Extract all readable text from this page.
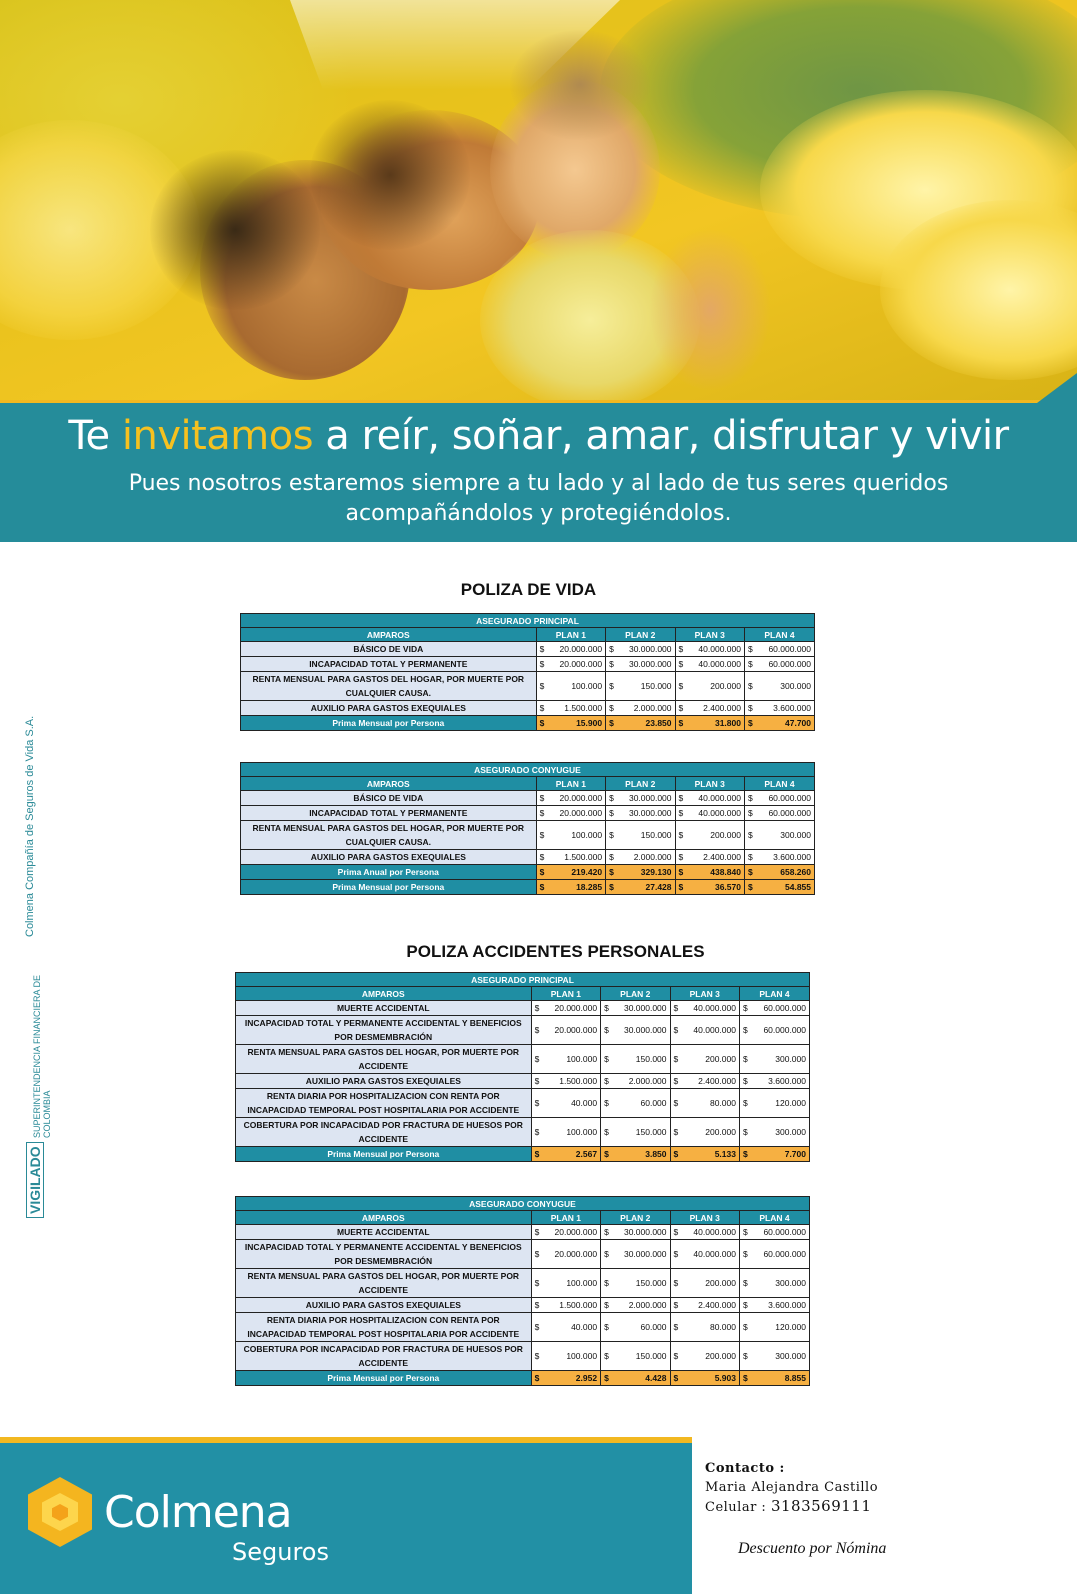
Te invitamos a reír, soñar, amar, disfrutar y vivir
Pues nosotros estaremos siempre a tu lado y al lado de tus seres queridos
acompañándolos y protegiéndolos.
Colmena Compañía de Seguros de Vida S.A.
VIGILADO
SUPERINTENDENCIA FINANCIERA DE COLOMBIA
POLIZA DE VIDA
POLIZA ACCIDENTES PERSONALES
ASEGURADO PRINCIPAL				
AMPAROS	PLAN 1	PLAN 2	PLAN 3	PLAN 4
BÁSICO DE VIDA	$ 20.000.000	$ 30.000.000	$ 40.000.000	$ 60.000.000

INCAPACIDAD TOTAL Y PERMANENTE	$ 20.000.000	$ 30.000.000	$ 40.000.000	$ 60.000.000

RENTA MENSUAL PARA GASTOS DEL HOGAR, POR MUERTE POR CUALQUIER CAUSA.	$ 100.000	$ 150.000	$ 200.000	$ 300.000

AUXILIO PARA GASTOS EXEQUIALES	$ 1.500.000	$ 2.000.000	$ 2.400.000	$ 3.600.000

Prima Mensual por Persona	$ 15.900	$ 23.850	$ 31.800	$ 47.700
ASEGURADO CONYUGUE				
AMPAROS	PLAN 1	PLAN 2	PLAN 3	PLAN 4
BÁSICO DE VIDA	$ 20.000.000	$ 30.000.000	$ 40.000.000	$ 60.000.000

INCAPACIDAD TOTAL Y PERMANENTE	$ 20.000.000	$ 30.000.000	$ 40.000.000	$ 60.000.000

RENTA MENSUAL PARA GASTOS DEL HOGAR, POR MUERTE POR CUALQUIER CAUSA.	$ 100.000	$ 150.000	$ 200.000	$ 300.000

AUXILIO PARA GASTOS EXEQUIALES	$ 1.500.000	$ 2.000.000	$ 2.400.000	$ 3.600.000

Prima Anual por Persona	$ 219.420	$ 329.130	$ 438.840	$ 658.260

Prima Mensual por Persona	$ 18.285	$ 27.428	$ 36.570	$ 54.855
ASEGURADO PRINCIPAL				
AMPAROS	PLAN 1	PLAN 2	PLAN 3	PLAN 4
MUERTE ACCIDENTAL	$ 20.000.000	$ 30.000.000	$ 40.000.000	$ 60.000.000

INCAPACIDAD TOTAL Y PERMANENTE ACCIDENTAL Y BENEFICIOS POR DESMEMBRACIÓN	$ 20.000.000	$ 30.000.000	$ 40.000.000	$ 60.000.000

RENTA MENSUAL PARA GASTOS DEL HOGAR, POR MUERTE POR ACCIDENTE	$ 100.000	$ 150.000	$ 200.000	$ 300.000

AUXILIO PARA GASTOS EXEQUIALES	$ 1.500.000	$ 2.000.000	$ 2.400.000	$ 3.600.000

RENTA DIARIA POR HOSPITALIZACION CON RENTA POR INCAPACIDAD TEMPORAL POST HOSPITALARIA POR ACCIDENTE	$ 40.000	$ 60.000	$ 80.000	$ 120.000

COBERTURA POR INCAPACIDAD POR FRACTURA DE HUESOS POR ACCIDENTE	$ 100.000	$ 150.000	$ 200.000	$ 300.000

Prima Mensual por Persona	$ 2.567	$ 3.850	$ 5.133	$ 7.700
ASEGURADO CONYUGUE				
AMPAROS	PLAN 1	PLAN 2	PLAN 3	PLAN 4
MUERTE ACCIDENTAL	$ 20.000.000	$ 30.000.000	$ 40.000.000	$ 60.000.000

INCAPACIDAD TOTAL Y PERMANENTE ACCIDENTAL Y BENEFICIOS POR DESMEMBRACIÓN	$ 20.000.000	$ 30.000.000	$ 40.000.000	$ 60.000.000

RENTA MENSUAL PARA GASTOS DEL HOGAR, POR MUERTE POR ACCIDENTE	$ 100.000	$ 150.000	$ 200.000	$ 300.000

AUXILIO PARA GASTOS EXEQUIALES	$ 1.500.000	$ 2.000.000	$ 2.400.000	$ 3.600.000

RENTA DIARIA POR HOSPITALIZACION CON RENTA POR INCAPACIDAD TEMPORAL POST HOSPITALARIA POR ACCIDENTE	$ 40.000	$ 60.000	$ 80.000	$ 120.000

COBERTURA POR INCAPACIDAD POR FRACTURA DE HUESOS POR ACCIDENTE	$ 100.000	$ 150.000	$ 200.000	$ 300.000

Prima Mensual por Persona	$ 2.952	$ 4.428	$ 5.903	$ 8.855
Colmena
Seguros
Contacto :
Maria Alejandra Castillo
Celular : 3183569111
Descuento por Nómina
